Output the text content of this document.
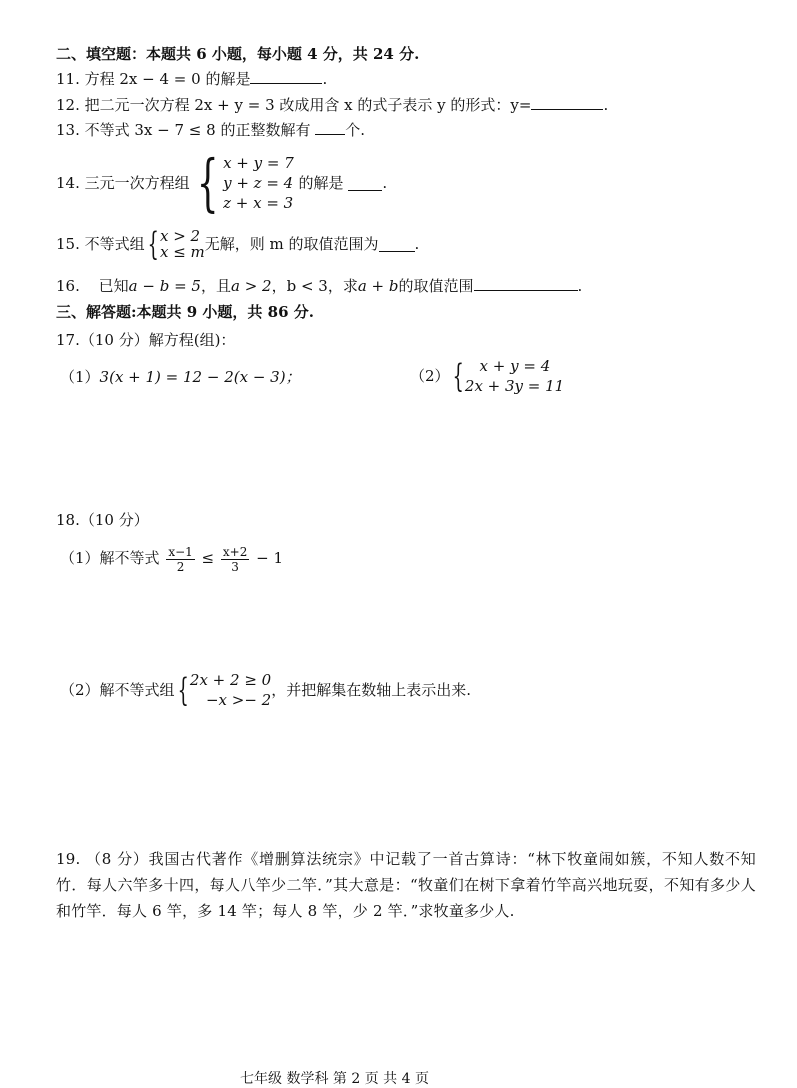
二、填空题：本题共 6 小题，每小题 4 分，共 24 分.
11. 方程 2x − 4 = 0 的解是	.
12. 把二元一次方程 2x + y = 3 改成用含 x 的式子表示 y 的形式：y=	.
13. 不等式 3x − 7 ≤ 8 的正整数解有 个.
14. 三元一次方程组 { x + y = 7
y + z = 4
z + x = 3
的解是 .
15. 不等式组 { x > 2
x ≤ m 无解，则 m 的取值范围为 .
16. 已知a − b = 5，且a > 2，b < 3，求a + b的取值范围	.
三、解答题:本题共 9 小题，共 86 分.
17.（10 分）解方程(组)：
（1）3(x + 1) = 12 − 2(x − 3)；	（2） { x + y = 4
2x + 3y = 11
18.（10 分）
（1）解不等式 $\frac{x-1}{2} \le \frac{x+2}{3} - 1$
（2）解不等式组 { 2x + 2 ≥ 0
−x >− 2
，并把解集在数轴上表示出来.
19. （8 分）我国古代著作《增删算法统宗》中记载了一首古算诗：“林下牧童闹如簇，不知人数不知竹．每人六竿多十四，每人八竿少二竿．”其大意是：“牧童们在树下拿着竹竿高兴地玩耍，不知有多少人和竹竿．每人 6 竿，多 14 竿；每人 8 竿，少 2 竿．”求牧童多少人.
七年级 数学科 第 2 页 共 4 页
